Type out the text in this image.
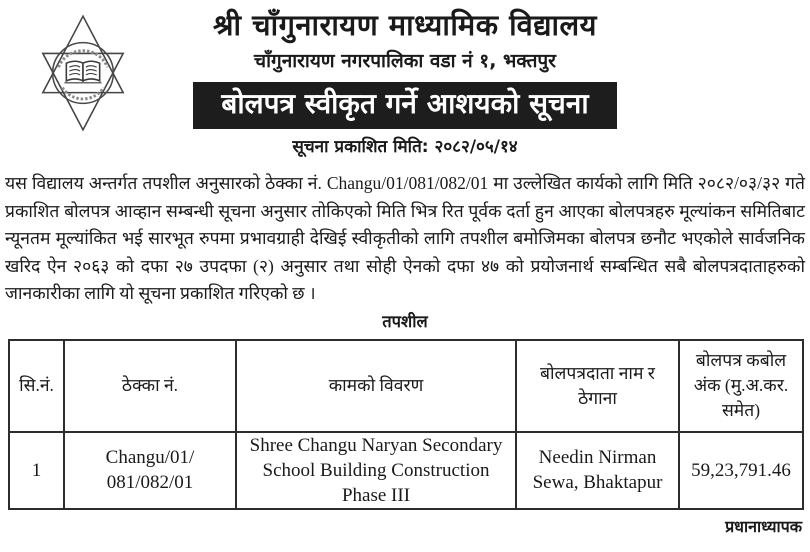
श्री चाँगुनारायण माध्यामिक विद्यालय
चाँगुनारायण नगरपालिका वडा नं १, भक्तपुर
बोलपत्र स्वीकृत गर्ने आशयको सूचना
सूचना प्रकाशित मिति: २०८२/०५/१४
यस विद्यालय अन्तर्गत तपशील अनुसारको ठेक्का नं. Changu/01/081/082/01 मा उल्लेखित कार्यको लागि मिति २०८२/०३/३२ गते प्रकाशित बोलपत्र आव्हान सम्बन्धी सूचना अनुसार तोकिएको मिति भित्र रित पूर्वक दर्ता हुन आएका बोलपत्रहरु मूल्यांकन समितिबाट न्यूनतम मूल्यांकित भई सारभूत रुपमा प्रभावग्राही देखिई स्वीकृतीको लागि तपशील बमोजिमका बोलपत्र छनौट भएकोले सार्वजनिक खरिद ऐन २०६३ को दफा २७ उपदफा (२) अनुसार तथा सोही ऐनको दफा ४७ को प्रयोजनार्थ सम्बन्धित सबै बोलपत्रदाताहरुको जानकारीका लागि यो सूचना प्रकाशित गरिएको छ ।
तपशील
सि.नं.	ठेक्का नं.	कामको विवरण	बोलपत्रदाता नाम र ठेगाना	बोलपत्र कबोल अंक (मु.अ.कर. समेत)
1	Changu/01/081/082/01	Shree Changu Naryan Secondary School Building Construction Phase III	Needin Nirman Sewa, Bhaktapur	59,23,791.46
प्रधानाध्यापक
